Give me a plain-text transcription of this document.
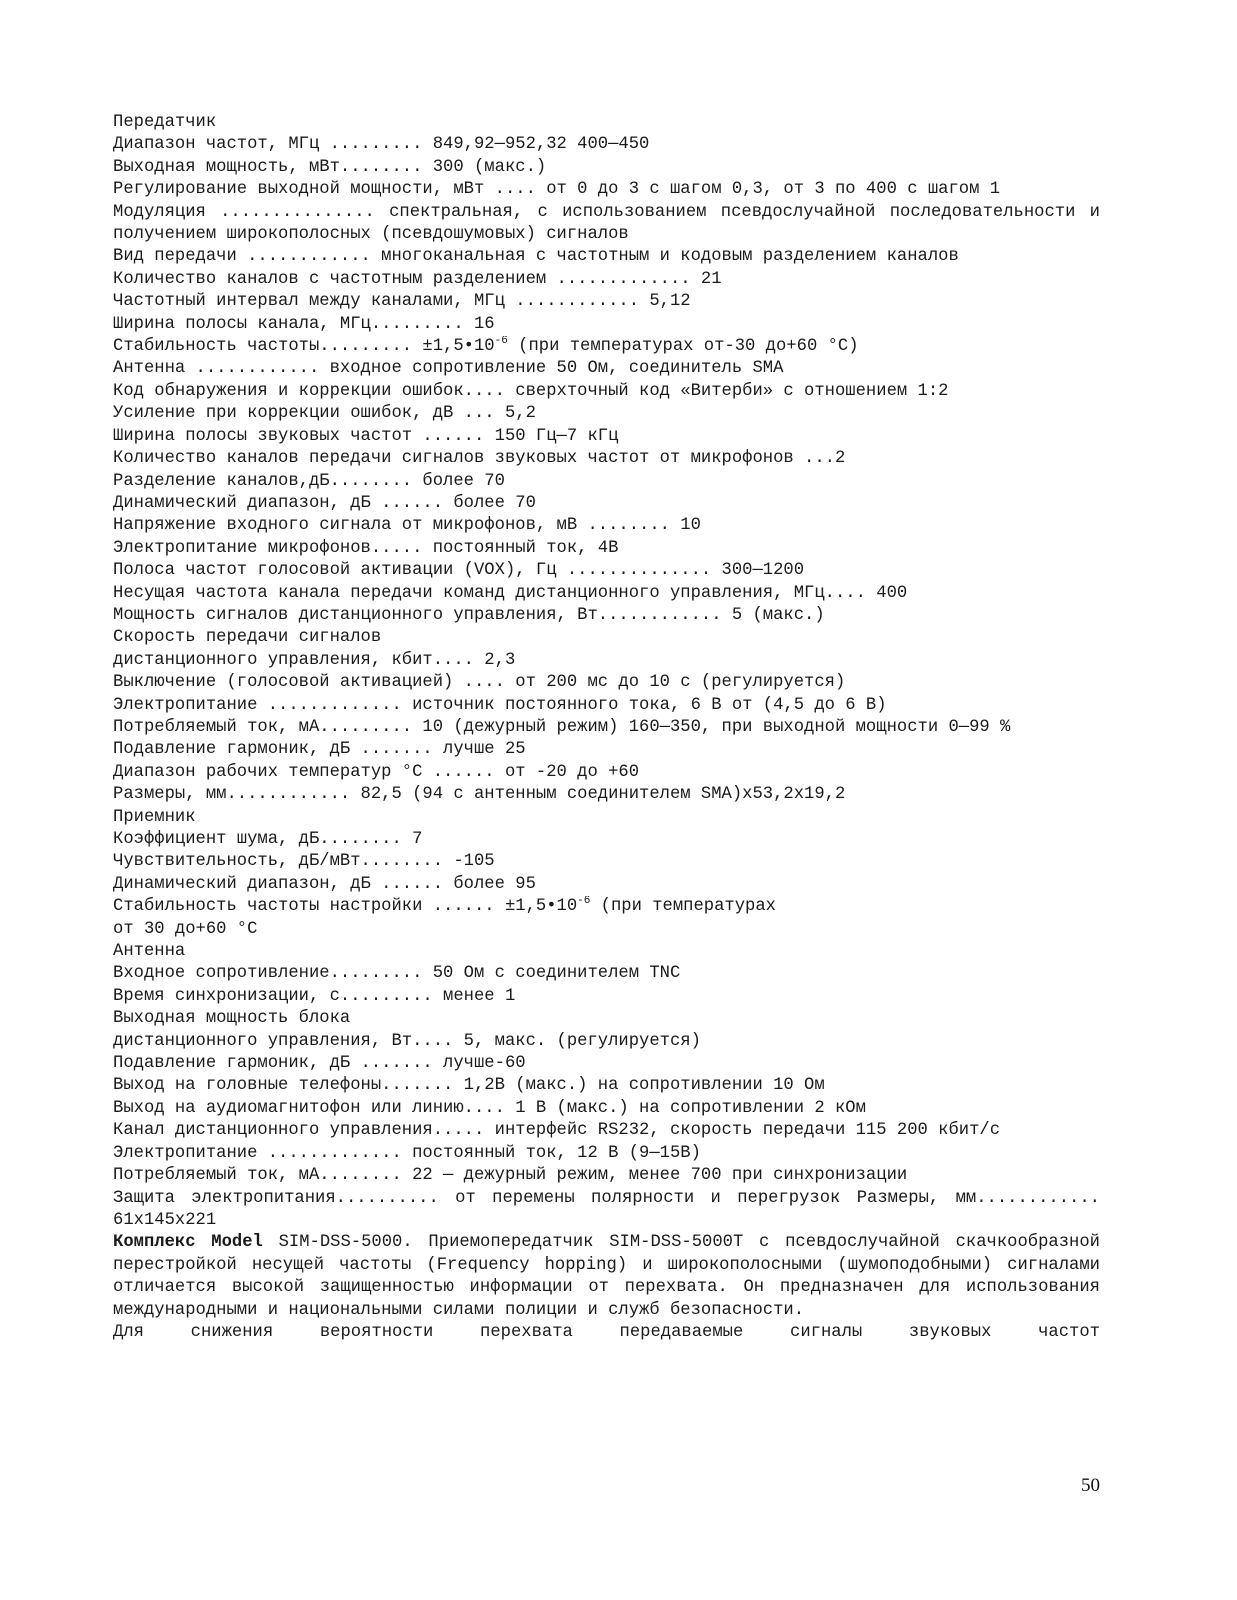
Передатчик
Диапазон частот, МГц ......... 849,92—952,32 400—450
Выходная мощность, мВт........ 300 (макс.)
Регулирование выходной мощности, мВт .... от 0 до 3 с шагом 0,3, от 3 по 400 с шагом 1
Модуляция ............... спектральная, с использованием псевдослучайной последовательности и получением широкополосных (псевдошумовых) сигналов
Вид передачи ............ многоканальная с частотным и кодовым разделением каналов
Количество каналов с частотным разделением ............. 21
Частотный интервал между каналами, МГц ............ 5,12
Ширина полосы канала, МГц......... 16
Стабильность частоты......... $\pm 1,5•10^{-6}$ (при температурах от-30 до+60 °С)
Антенна ............ входное сопротивление 50 Ом, соединитель SMA
Код обнаружения и коррекции ошибок.... сверхточный код «Витерби» с отношением 1:2
Усиление при коррекции ошибок, дВ ... 5,2
Ширина полосы звуковых частот ...... 150 Гц—7 кГц
Количество каналов передачи сигналов звуковых частот от микрофонов ...2
Разделение каналов,дБ........ более 70
Динамический диапазон, дБ ...... более 70
Напряжение входного сигнала от микрофонов, мВ ........ 10
Электропитание микрофонов..... постоянный ток, 4В
Полоса частот голосовой активации (VOX), Гц .............. 300—1200
Несущая частота канала передачи команд дистанционного управления, МГц.... 400
Мощность сигналов дистанционного управления, Вт............ 5 (макс.)
Скорость передачи сигналов
дистанционного управления, кбит.... 2,3
Выключение (голосовой активацией) .... от 200 мс до 10 с (регулируется)
Электропитание ............. источник постоянного тока, 6 В от (4,5 до 6 В)
Потребляемый ток, мА......... 10 (дежурный режим) 160—350, при выходной мощности 0—99 %
Подавление гармоник, дБ ....... лучше 25
Диапазон рабочих температур °С ...... от -20 до +60
Размеры, мм............ 82,5 (94 с антенным соединителем SMA)х53,2х19,2
Приемник
Коэффициент шума, дБ........ 7
Чувствительность, дБ/мВт........ -105
Динамический диапазон, дБ ...... более 95
Стабильность частоты настройки ...... $\pm 1,5•10^{-6}$ (при температурах
от 30 до+60 °С
Антенна
Входное сопротивление......... 50 Ом с соединителем TNC
Время синхронизации, с......... менее 1
Выходная мощность блока
дистанционного управления, Вт.... 5, макс. (регулируется)
Подавление гармоник, дБ ....... лучше-60
Выход на головные телефоны....... 1,2В (макс.) на сопротивлении 10 Ом
Выход на аудиомагнитофон или линию.... 1 В (макс.) на сопротивлении 2 кОм
Канал дистанционного управления..... интерфейс RS232, скорость передачи 115 200 кбит/с
Электропитание ............. постоянный ток, 12 В (9—15В)
Потребляемый ток, мА........ 22 — дежурный режим, менее 700 при синхронизации
Защита электропитания.......... от перемены полярности и перегрузок Размеры, мм............ 61х145х221
Комплекс Model SIM-DSS-5000. Приемопередатчик SIM-DSS-5000T с псевдослучайной скачкообразной перестройкой несущей частоты (Frequency hopping) и широкополосными (шумоподобными) сигналами отличается высокой защищенностью информации от перехвата. Он предназначен для использования международными и национальными силами полиции и служб безопасности.
Для снижения вероятности перехвата передаваемые сигналы звуковых частот
50
